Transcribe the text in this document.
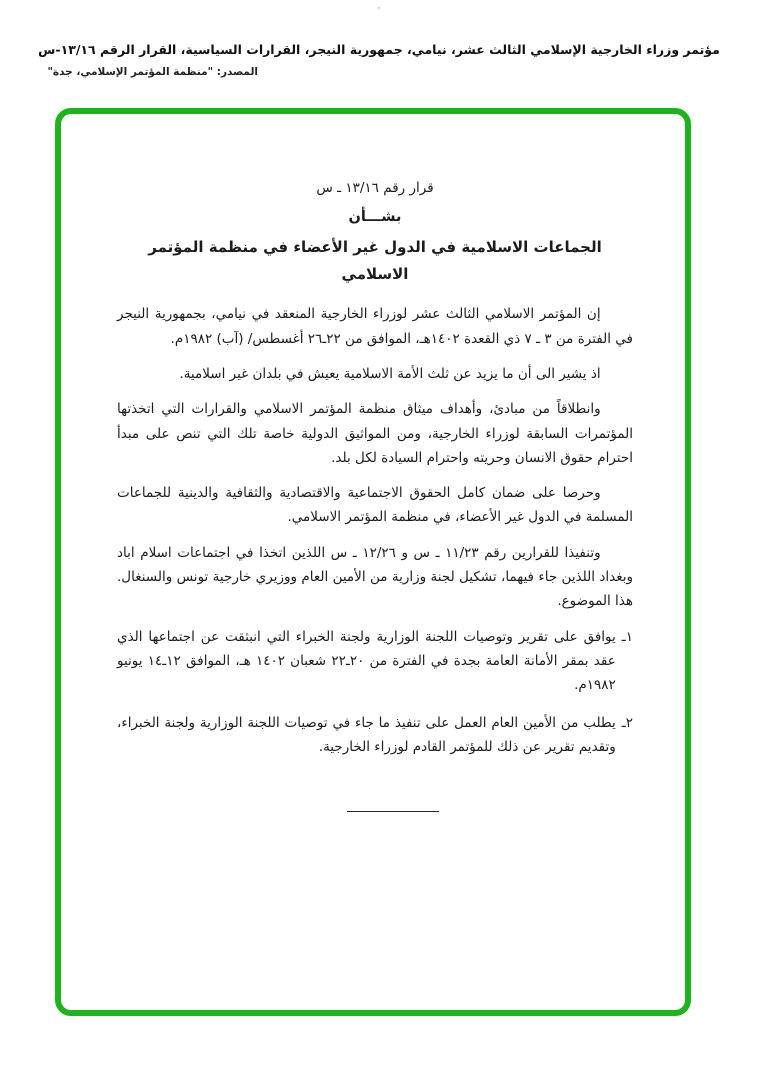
·
مؤتمر وزراء الخارجية الإسلامي الثالث عشر، نيامي، جمهورية النيجر، القرارات السياسية، القرار الرقم ١٣/١٦-س
المصدر: "منظمة المؤتمر الإسلامي، جدة"
قرار رقم ١٣/١٦ ـ س
بشـــأن
الجماعات الاسلامية في الدول غير الأعضاء في منظمة المؤتمر الاسلامي

إن المؤتمر الاسلامي الثالث عشر لوزراء الخارجية المنعقد في نيامي، بجمهورية النيجر في الفترة من ٣ ـ ٧ ذي القعدة ١٤٠٢هـ، الموافق من ٢٢ـ٢٦ أغسطس/ (آب) ١٩٨٢م.

اذ يشير الى أن ما يزيد عن ثلث الأمة الاسلامية يعيش في بلدان غير اسلامية.

وانطلاقاً من مبادئ، وأهداف ميثاق منظمة المؤتمر الاسلامي والقرارات التي اتخذتها المؤتمرات السابقة لوزراء الخارجية، ومن المواثيق الدولية خاصة تلك التي تنص على مبدأ احترام حقوق الانسان وحريته واحترام السيادة لكل بلد.

وحرصا على ضمان كامل الحقوق الاجتماعية والاقتصادية والثقافية والدينية للجماعات المسلمة في الدول غير الأعضاء، في منظمة المؤتمر الاسلامي.

وتنفيذا للقرارين رقم ١١/٢٣ ـ س و ١٢/٢٦ ـ س اللذين اتخذا في اجتماعات اسلام اباد وبغداد اللذين جاء فيهما، تشكيل لجنة وزارية من الأمين العام ووزيري خارجية تونس والسنغال. هذا الموضوع.

١ـ
يوافق على تقرير وتوصيات اللجنة الوزارية ولجنة الخبراء التي انبثقت عن اجتماعها الذي عقد بمقر الأمانة العامة بجدة في الفترة من ٢٠ـ٢٢ شعبان ١٤٠٢ هـ، الموافق ١٢ـ١٤ يونيو ١٩٨٢م.
٢ـ
يطلب من الأمين العام العمل على تنفيذ ما جاء في توصيات اللجنة الوزارية ولجنة الخبراء، وتقديم تقرير عن ذلك للمؤتمر القادم لوزراء الخارجية.
